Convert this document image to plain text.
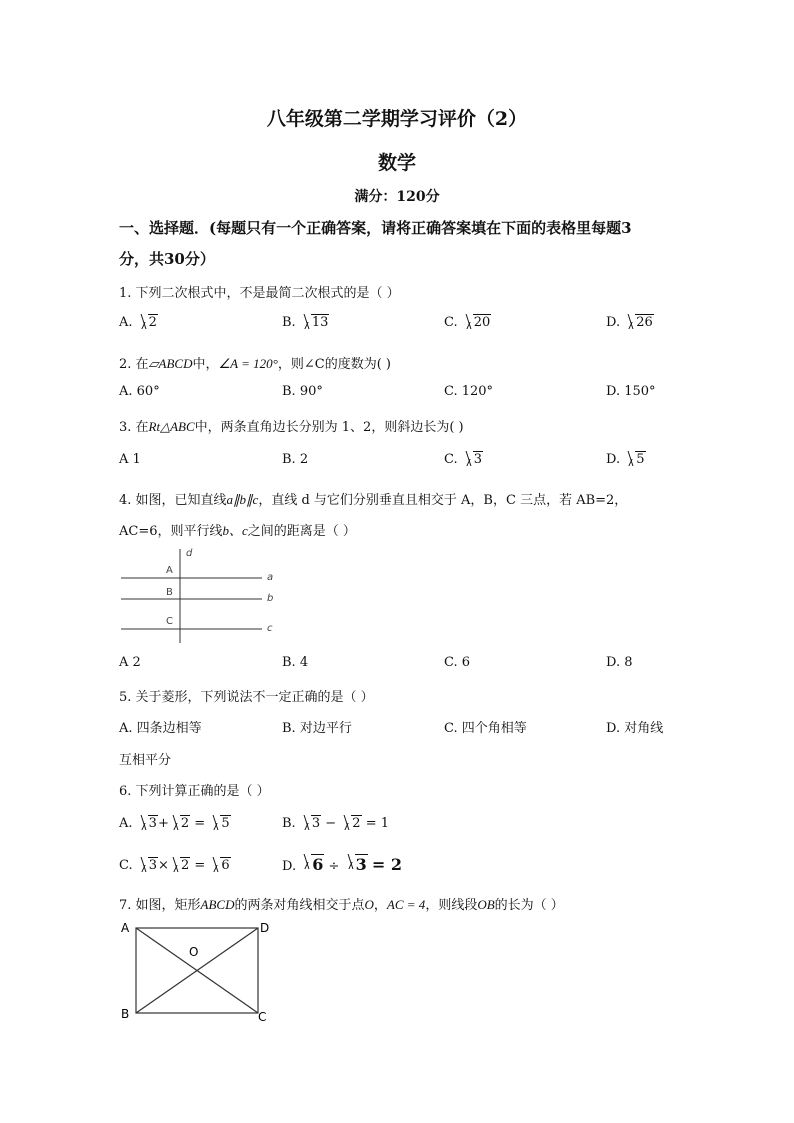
八年级第二学期学习评价（2）
数学
满分：120分
一、选择题．(每题只有一个正确答案，请将正确答案填在下面的表格里每题3
分，共30分）
1. 下列二次根式中，不是最简二次根式的是（ ）
A. 2	B. 13	C. 20	D. 26
2. 在▱ABCD中，∠A = 120°，则∠C的度数为( )
A. 60°	B. 90°	C. 120°	D. 150°
3. 在Rt△ABC中，两条直角边长分别为 1、2，则斜边长为( )
A 1	B. 2	C. 3	D. 5
4. 如图，已知直线a∥b∥c，直线 d 与它们分别垂直且相交于 A，B，C 三点，若 AB=2，
AC=6，则平行线b、c之间的距离是（ ）
d
A
B
C
a
b
c
A 2	B. 4	C. 6	D. 8
5. 关于菱形，下列说法不一定正确的是（ ）
A. 四条边相等	B. 对边平行	C. 四个角相等	D. 对角线
互相平分
6. 下列计算正确的是（ ）
A. 3+ 2 = 5	B. 3 − 2 = 1
C. 3× 2 = 6	D. 6 ÷ 3 = 2
7. 如图，矩形ABCD的两条对角线相交于点O，AC = 4，则线段OB的长为（ ）
A
B	C
D
O
